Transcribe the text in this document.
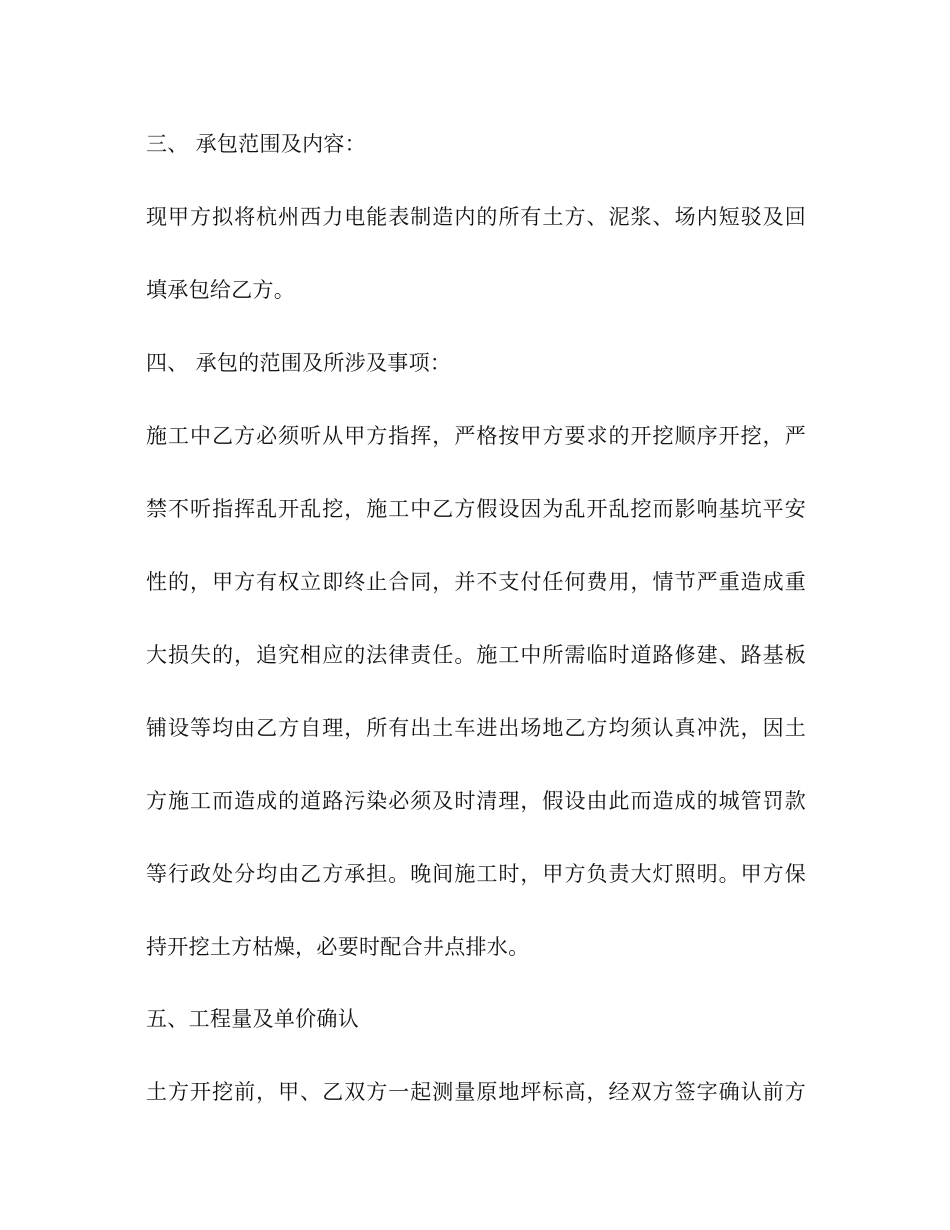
三、 承包范围及内容：
现甲方拟将杭州西力电能表制造内的所有土方、泥浆、场内短驳及回
填承包给乙方。
四、 承包的范围及所涉及事项：
施工中乙方必须听从甲方指挥，严格按甲方要求的开挖顺序开挖，严
禁不听指挥乱开乱挖，施工中乙方假设因为乱开乱挖而影响基坑平安
性的，甲方有权立即终止合同，并不支付任何费用，情节严重造成重
大损失的，追究相应的法律责任。施工中所需临时道路修建、路基板
铺设等均由乙方自理，所有出土车进出场地乙方均须认真冲洗，因土
方施工而造成的道路污染必须及时清理，假设由此而造成的城管罚款
等行政处分均由乙方承担。晚间施工时，甲方负责大灯照明。甲方保
持开挖土方枯燥，必要时配合井点排水。
五、工程量及单价确认
土方开挖前，甲、乙双方一起测量原地坪标高，经双方签字确认前方
